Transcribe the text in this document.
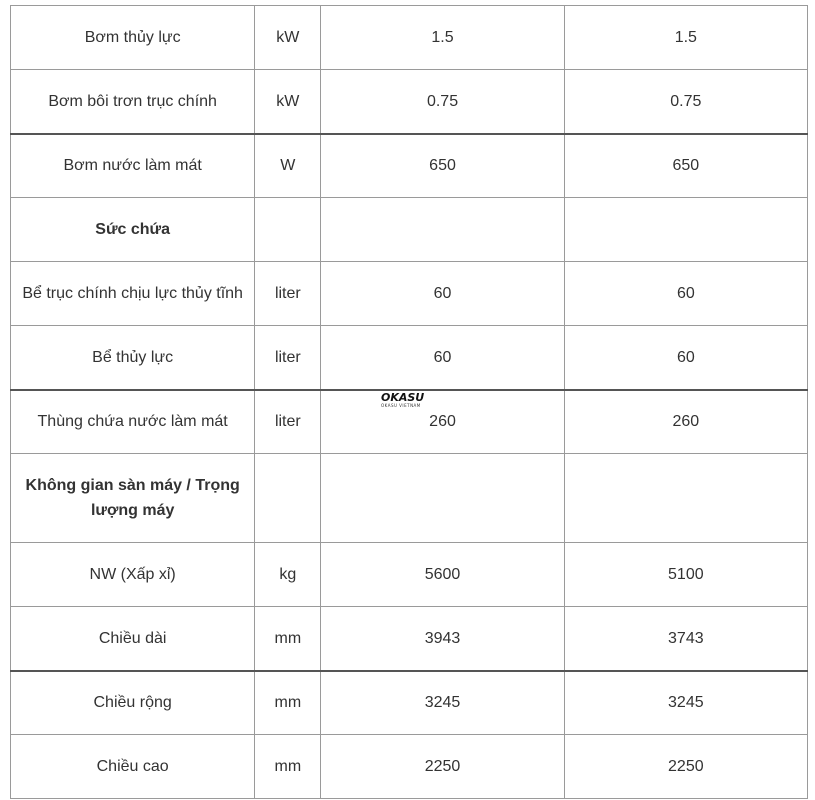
Bơm thủy lực	kW	1.5	1.5
Bơm bôi trơn trục chính	kW	0.75	0.75
Bơm nước làm mát	W	650	650
Sức chứa			
Bể trục chính chịu lực thủy tĩnh	liter	60	60
Bể thủy lực	liter	60	60
Thùng chứa nước làm mát	liter	260	260
Không gian sàn máy / Trọng lượng máy			
NW (Xấp xỉ)	kg	5600	5100
Chiều dài	mm	3943	3743
Chiều rộng	mm	3245	3245
Chiều cao	mm	2250	2250
OKASU
OKASU VIETNAM
